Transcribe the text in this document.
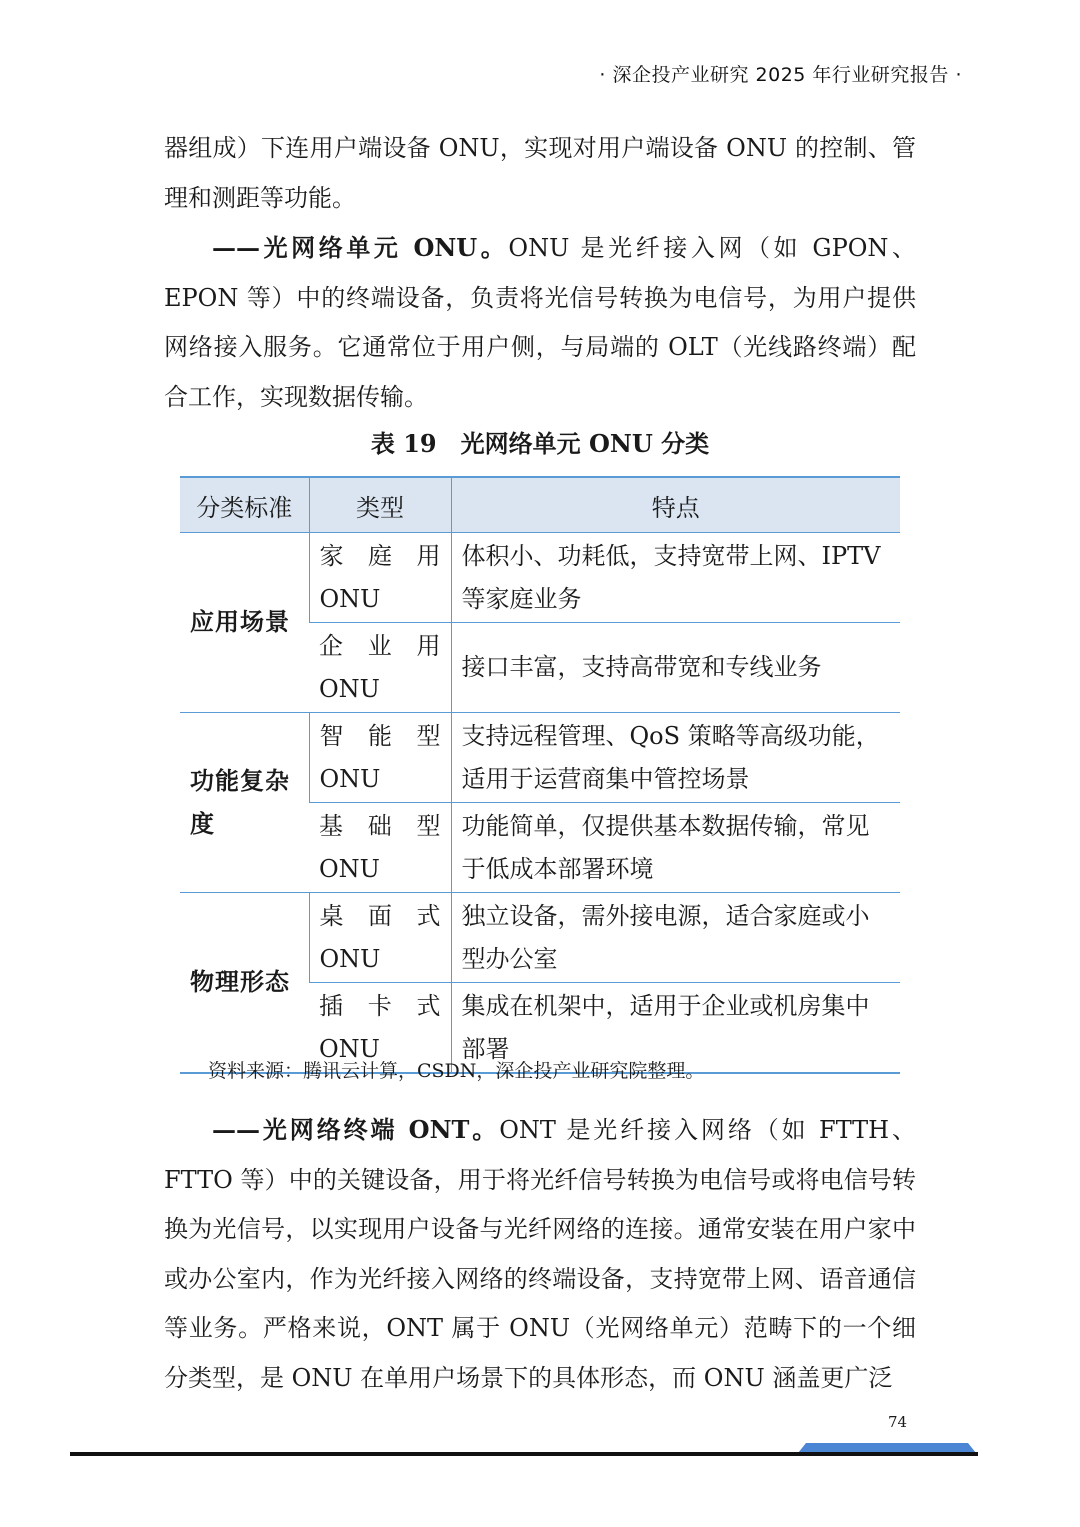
· 深企投产业研究 2025 年行业研究报告 ·

器组成）下连用户端设备 ONU，实现对用户端设备 ONU 的控制、管理和测距等功能。

——光网络单元 ONU。ONU 是光纤接入网（如 GPON、EPON 等）中的终端设备，负责将光信号转换为电信号，为用户提供网络接入服务。它通常位于用户侧，与局端的 OLT（光线路终端）配合工作，实现数据传输。

表 19 光网络单元 ONU 分类
分类标准	类型	特点
应用场景	家庭用 ONU	体积小、功耗低，支持宽带上网、IPTV 等家庭业务
	企业用 ONU	接口丰富，支持高带宽和专线业务
功能复杂度	智能型 ONU	支持远程管理、QoS 策略等高级功能，适用于运营商集中管控场景
	基础型 ONU	功能简单，仅提供基本数据传输，常见于低成本部署环境
物理形态	桌面式 ONU	独立设备，需外接电源，适合家庭或小型办公室
	插卡式 ONU	集成在机架中，适用于企业或机房集中部署
资料来源：腾讯云计算，CSDN，深企投产业研究院整理。

——光网络终端 ONT。ONT 是光纤接入网络（如 FTTH、FTTO 等）中的关键设备，用于将光纤信号转换为电信号或将电信号转换为光信号，以实现用户设备与光纤网络的连接。通常安装在用户家中或办公室内，作为光纤接入网络的终端设备，支持宽带上网、语音通信等业务。严格来说，ONT 属于 ONU（光网络单元）范畴下的一个细分类型，是 ONU 在单用户场景下的具体形态，而 ONU 涵盖更广泛

74
